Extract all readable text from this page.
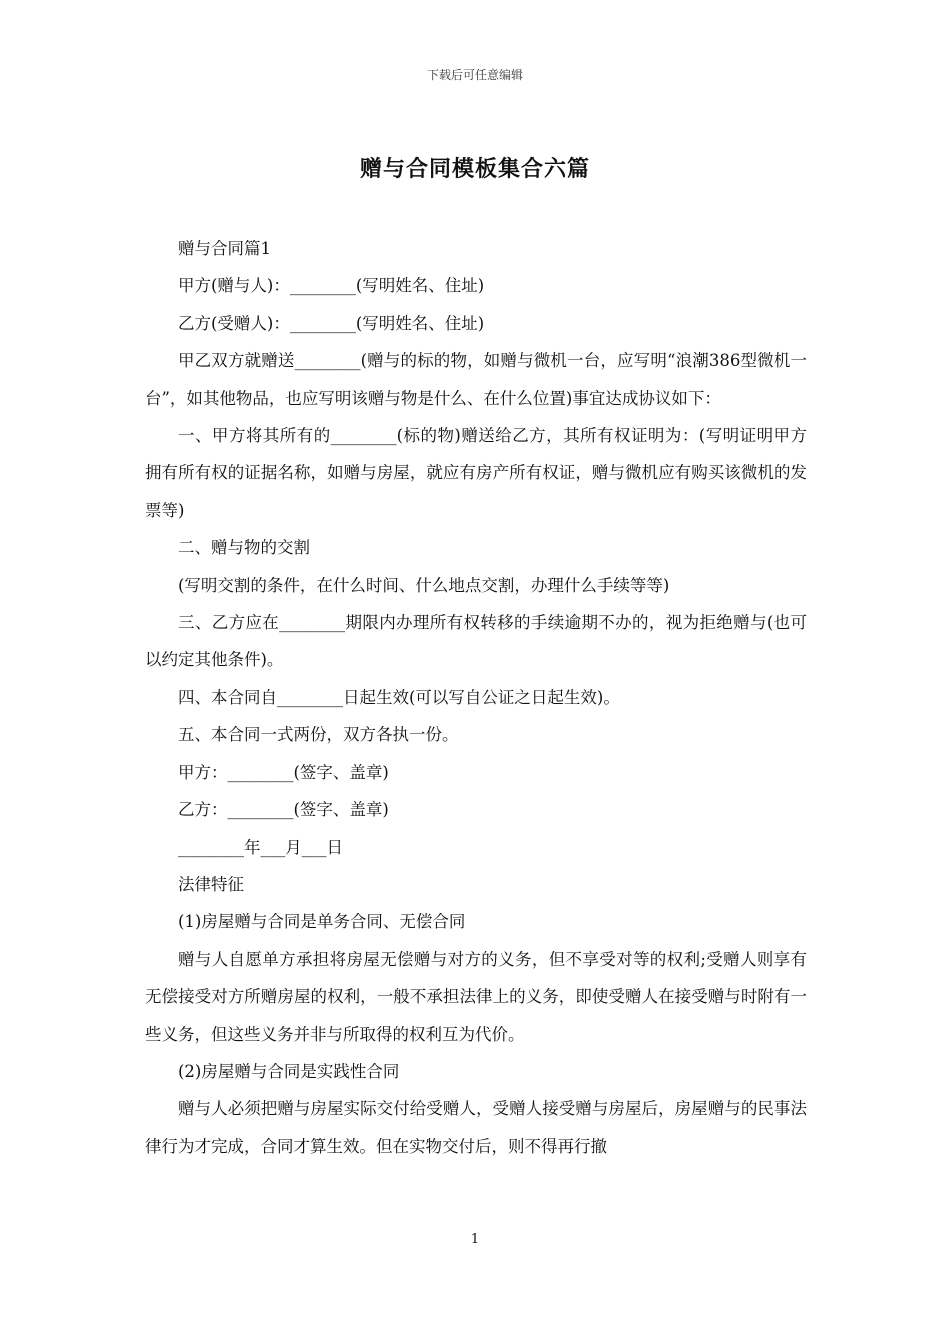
下载后可任意编辑
赠与合同模板集合六篇

赠与合同篇1

甲方(赠与人)：________(写明姓名、住址)

乙方(受赠人)：________(写明姓名、住址)

甲乙双方就赠送________(赠与的标的物，如赠与微机一台，应写明“浪潮386型微机一台”，如其他物品，也应写明该赠与物是什么、在什么位置)事宜达成协议如下：

一、甲方将其所有的________(标的物)赠送给乙方，其所有权证明为：(写明证明甲方拥有所有权的证据名称，如赠与房屋，就应有房产所有权证，赠与微机应有购买该微机的发票等)

二、赠与物的交割

(写明交割的条件，在什么时间、什么地点交割，办理什么手续等等)

三、乙方应在________期限内办理所有权转移的手续逾期不办的，视为拒绝赠与(也可以约定其他条件)。

四、本合同自________日起生效(可以写自公证之日起生效)。

五、本合同一式两份，双方各执一份。

甲方：________(签字、盖章)

乙方：________(签字、盖章)

________年___月___日

法律特征

(1)房屋赠与合同是单务合同、无偿合同

赠与人自愿单方承担将房屋无偿赠与对方的义务，但不享受对等的权利;受赠人则享有无偿接受对方所赠房屋的权利，一般不承担法律上的义务，即使受赠人在接受赠与时附有一些义务，但这些义务并非与所取得的权利互为代价。

(2)房屋赠与合同是实践性合同

赠与人必须把赠与房屋实际交付给受赠人，受赠人接受赠与房屋后，房屋赠与的民事法律行为才完成，合同才算生效。但在实物交付后，则不得再行撤

1
